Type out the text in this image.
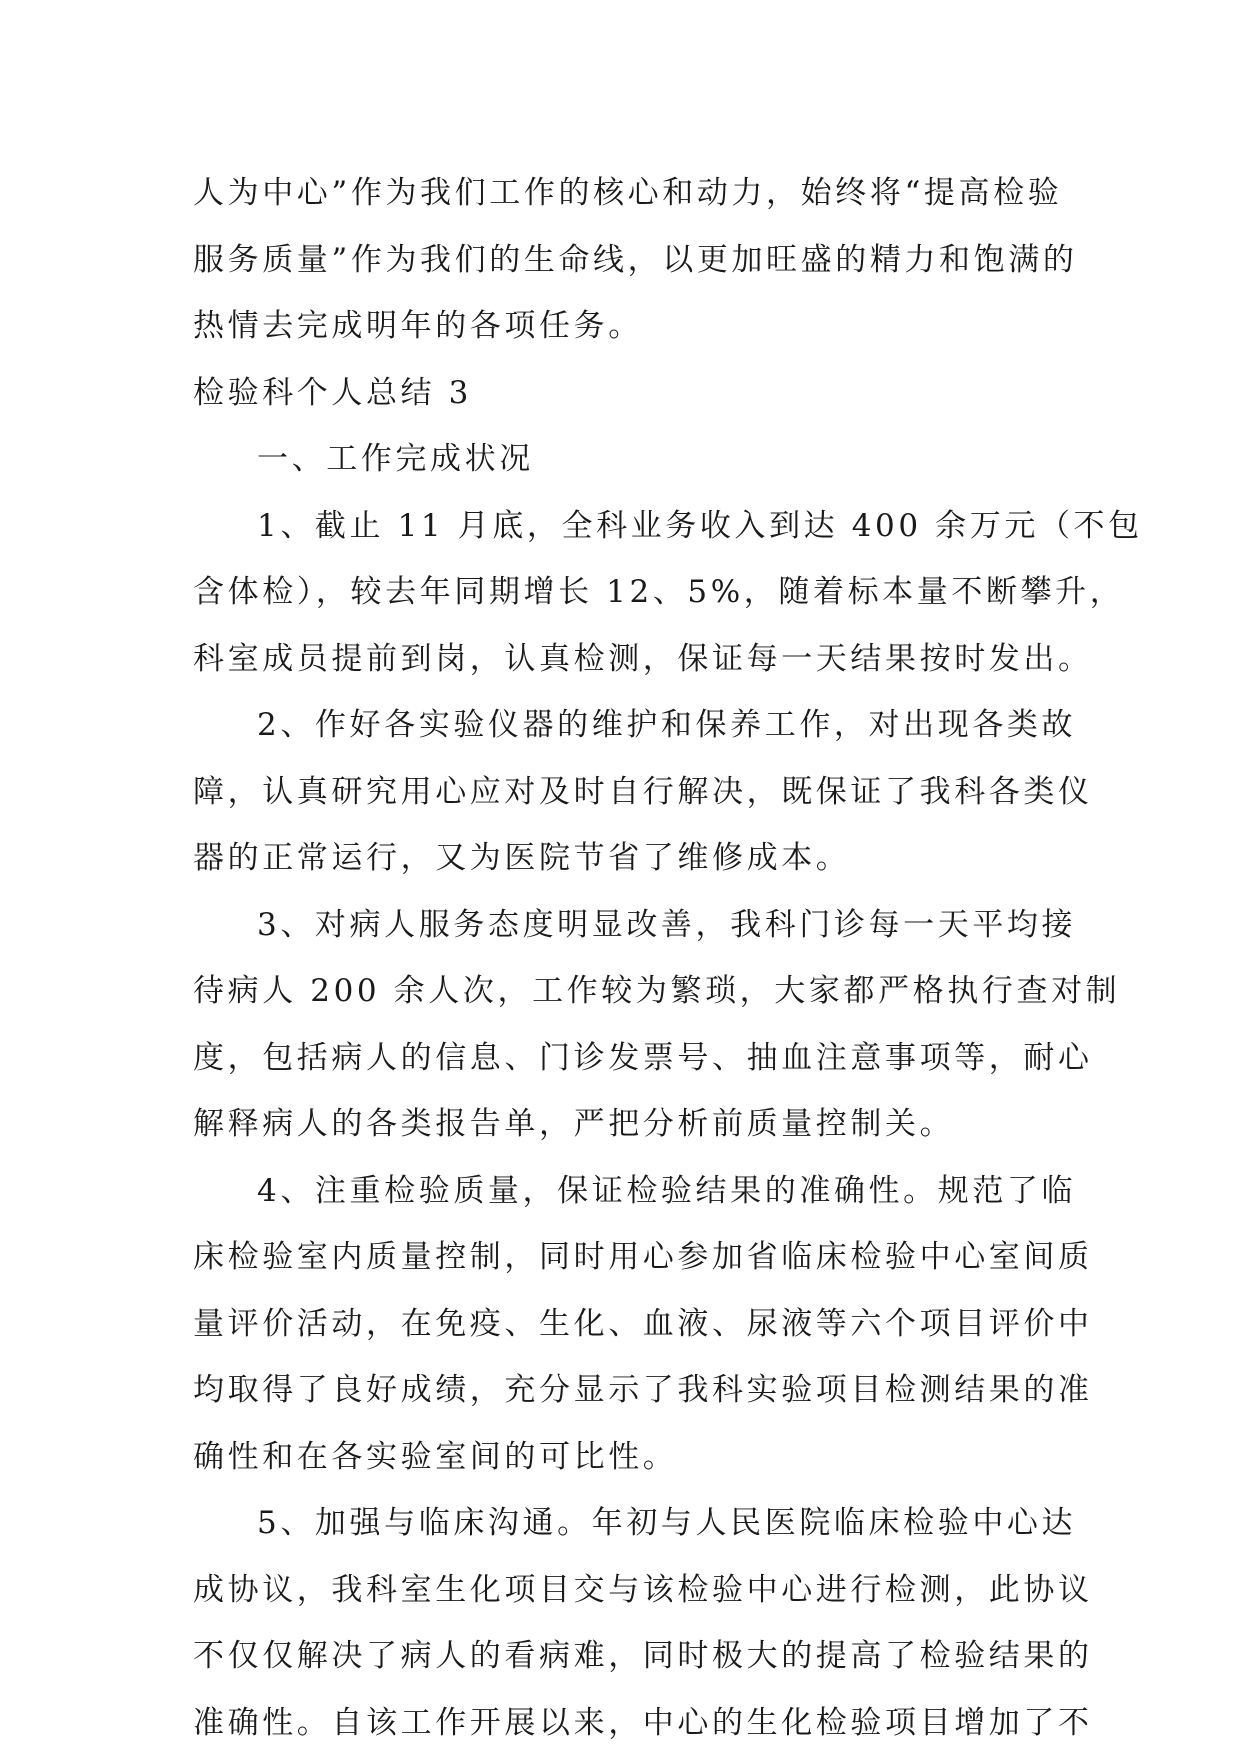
人为中心”作为我们工作的核心和动力，始终将“提高检验

服务质量”作为我们的生命线，以更加旺盛的精力和饱满的

热情去完成明年的各项任务。

检验科个人总结 3

一、工作完成状况

1、截止 11 月底，全科业务收入到达 400 余万元（不包

含体检），较去年同期增长 12、5%，随着标本量不断攀升，

科室成员提前到岗，认真检测，保证每一天结果按时发出。

2、作好各实验仪器的维护和保养工作，对出现各类故

障，认真研究用心应对及时自行解决，既保证了我科各类仪

器的正常运行，又为医院节省了维修成本。

3、对病人服务态度明显改善，我科门诊每一天平均接

待病人 200 余人次，工作较为繁琐，大家都严格执行查对制

度，包括病人的信息、门诊发票号、抽血注意事项等，耐心

解释病人的各类报告单，严把分析前质量控制关。

4、注重检验质量，保证检验结果的准确性。规范了临

床检验室内质量控制，同时用心参加省临床检验中心室间质

量评价活动，在免疫、生化、血液、尿液等六个项目评价中

均取得了良好成绩，充分显示了我科实验项目检测结果的准

确性和在各实验室间的可比性。

5、加强与临床沟通。年初与人民医院临床检验中心达

成协议，我科室生化项目交与该检验中心进行检测，此协议

不仅仅解决了病人的看病难，同时极大的提高了检验结果的

准确性。自该工作开展以来，中心的生化检验项目增加了不
